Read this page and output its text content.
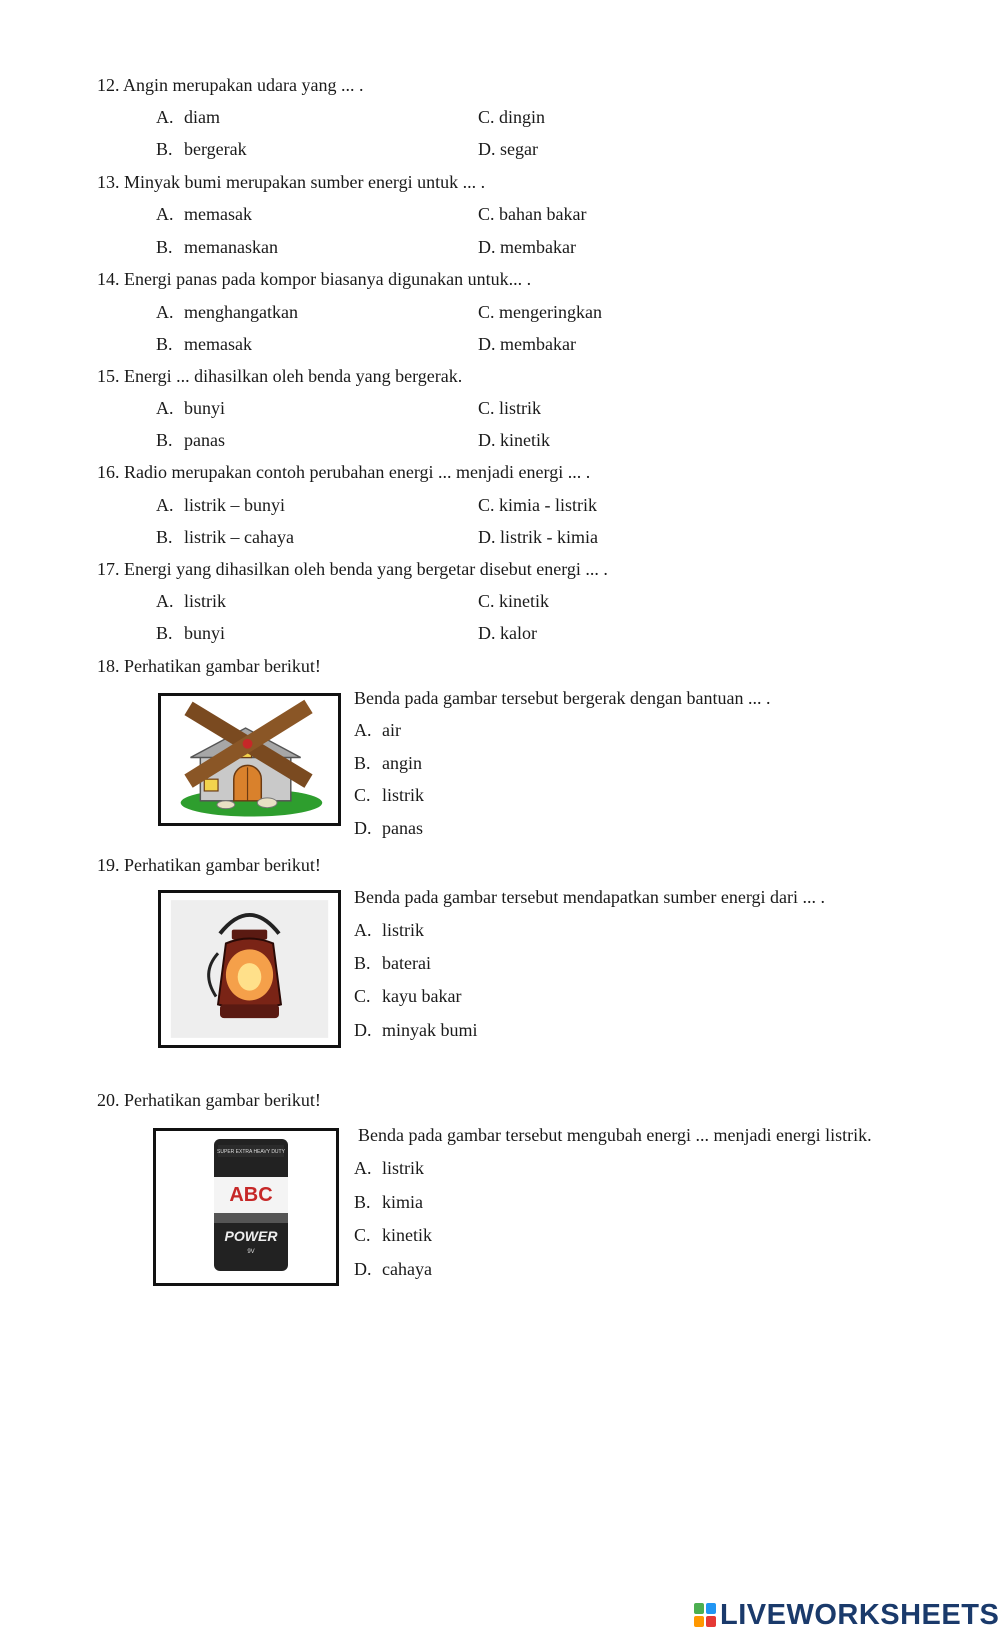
12. Angin merupakan udara yang ... .
A. diam
B. bergerak
C. dingin
D. segar
13. Minyak bumi merupakan sumber energi untuk ... .
A. memasak
B. memanaskan
C. bahan bakar
D. membakar
14. Energi panas pada kompor biasanya digunakan untuk... .
A. menghangatkan
B. memasak
C. mengeringkan
D. membakar
15. Energi ... dihasilkan oleh benda yang bergerak.
A. bunyi
B. panas
C. listrik
D. kinetik
16. Radio merupakan contoh perubahan energi ... menjadi energi ... .
A. listrik – bunyi
B. listrik – cahaya
C. kimia - listrik
D. listrik - kimia
17. Energi yang dihasilkan oleh benda yang bergetar disebut energi ... .
A. listrik
B. bunyi
C. kinetik
D. kalor
18. Perhatikan gambar berikut!
Benda pada gambar tersebut bergerak dengan bantuan ... .
A. air
B. angin
C. listrik
D. panas
19. Perhatikan gambar berikut!
Benda pada gambar tersebut mendapatkan sumber energi dari ... .
A. listrik
B. baterai
C. kayu bakar
D. minyak bumi
20. Perhatikan gambar berikut!
SUPER EXTRA HEAVY DUTY
ABC
POWER
9V
Benda pada gambar tersebut mengubah energi ... menjadi energi listrik.
A. listrik
B. kimia
C. kinetik
D. cahaya
LIVEWORKSHEETS
